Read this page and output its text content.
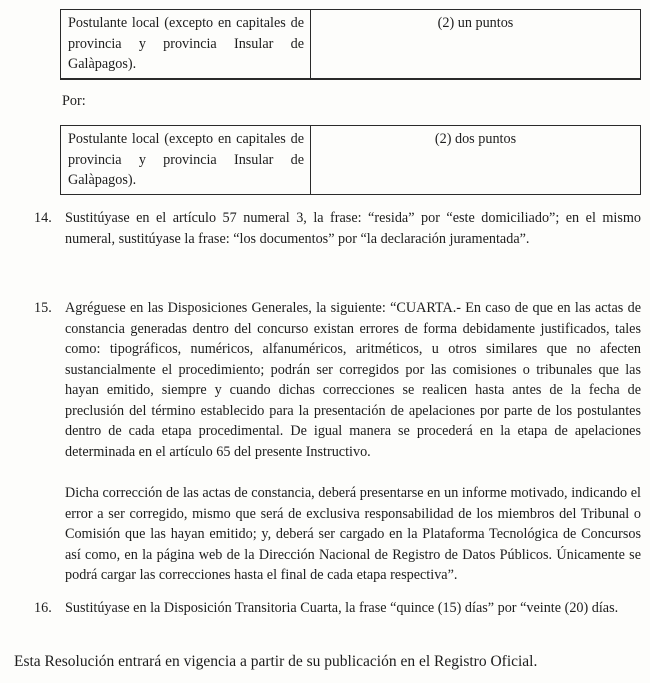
Postulante local (excepto en capitales de provincia y provincia Insular de Galàpagos).	(2) un puntos

Por:
Postulante local (excepto en capitales de provincia y provincia Insular de Galàpagos).	(2) dos puntos
14. Sustitúyase en el artículo 57 numeral 3, la frase: “resida” por “este domiciliado”; en el mismo numeral, sustitúyase la frase: “los documentos” por “la declaración juramentada”.

15. Agréguese en las Disposiciones Generales, la siguiente: “CUARTA.- En caso de que en las actas de constancia generadas dentro del concurso existan errores de forma debidamente justificados, tales como: tipográficos, numéricos, alfanuméricos, aritméticos, u otros similares que no afecten sustancialmente el procedimiento; podrán ser corregidos por las comisiones o tribunales que las hayan emitido, siempre y cuando dichas correcciones se realicen hasta antes de la fecha de preclusión del término establecido para la presentación de apelaciones por parte de los postulantes dentro de cada etapa procedimental. De igual manera se procederá en la etapa de apelaciones determinada en el artículo 65 del presente Instructivo.

Dicha corrección de las actas de constancia, deberá presentarse en un informe motivado, indicando el error a ser corregido, mismo que será de exclusiva responsabilidad de los miembros del Tribunal o Comisión que las hayan emitido; y, deberá ser cargado en la Plataforma Tecnológica de Concursos así como, en la página web de la Dirección Nacional de Registro de Datos Públicos. Únicamente se podrá cargar las correcciones hasta el final de cada etapa respectiva”.

16. Sustitúyase en la Disposición Transitoria Cuarta, la frase “quince (15) días” por “veinte (20) días.

Esta Resolución entrará en vigencia a partir de su publicación en el Registro Oficial.
